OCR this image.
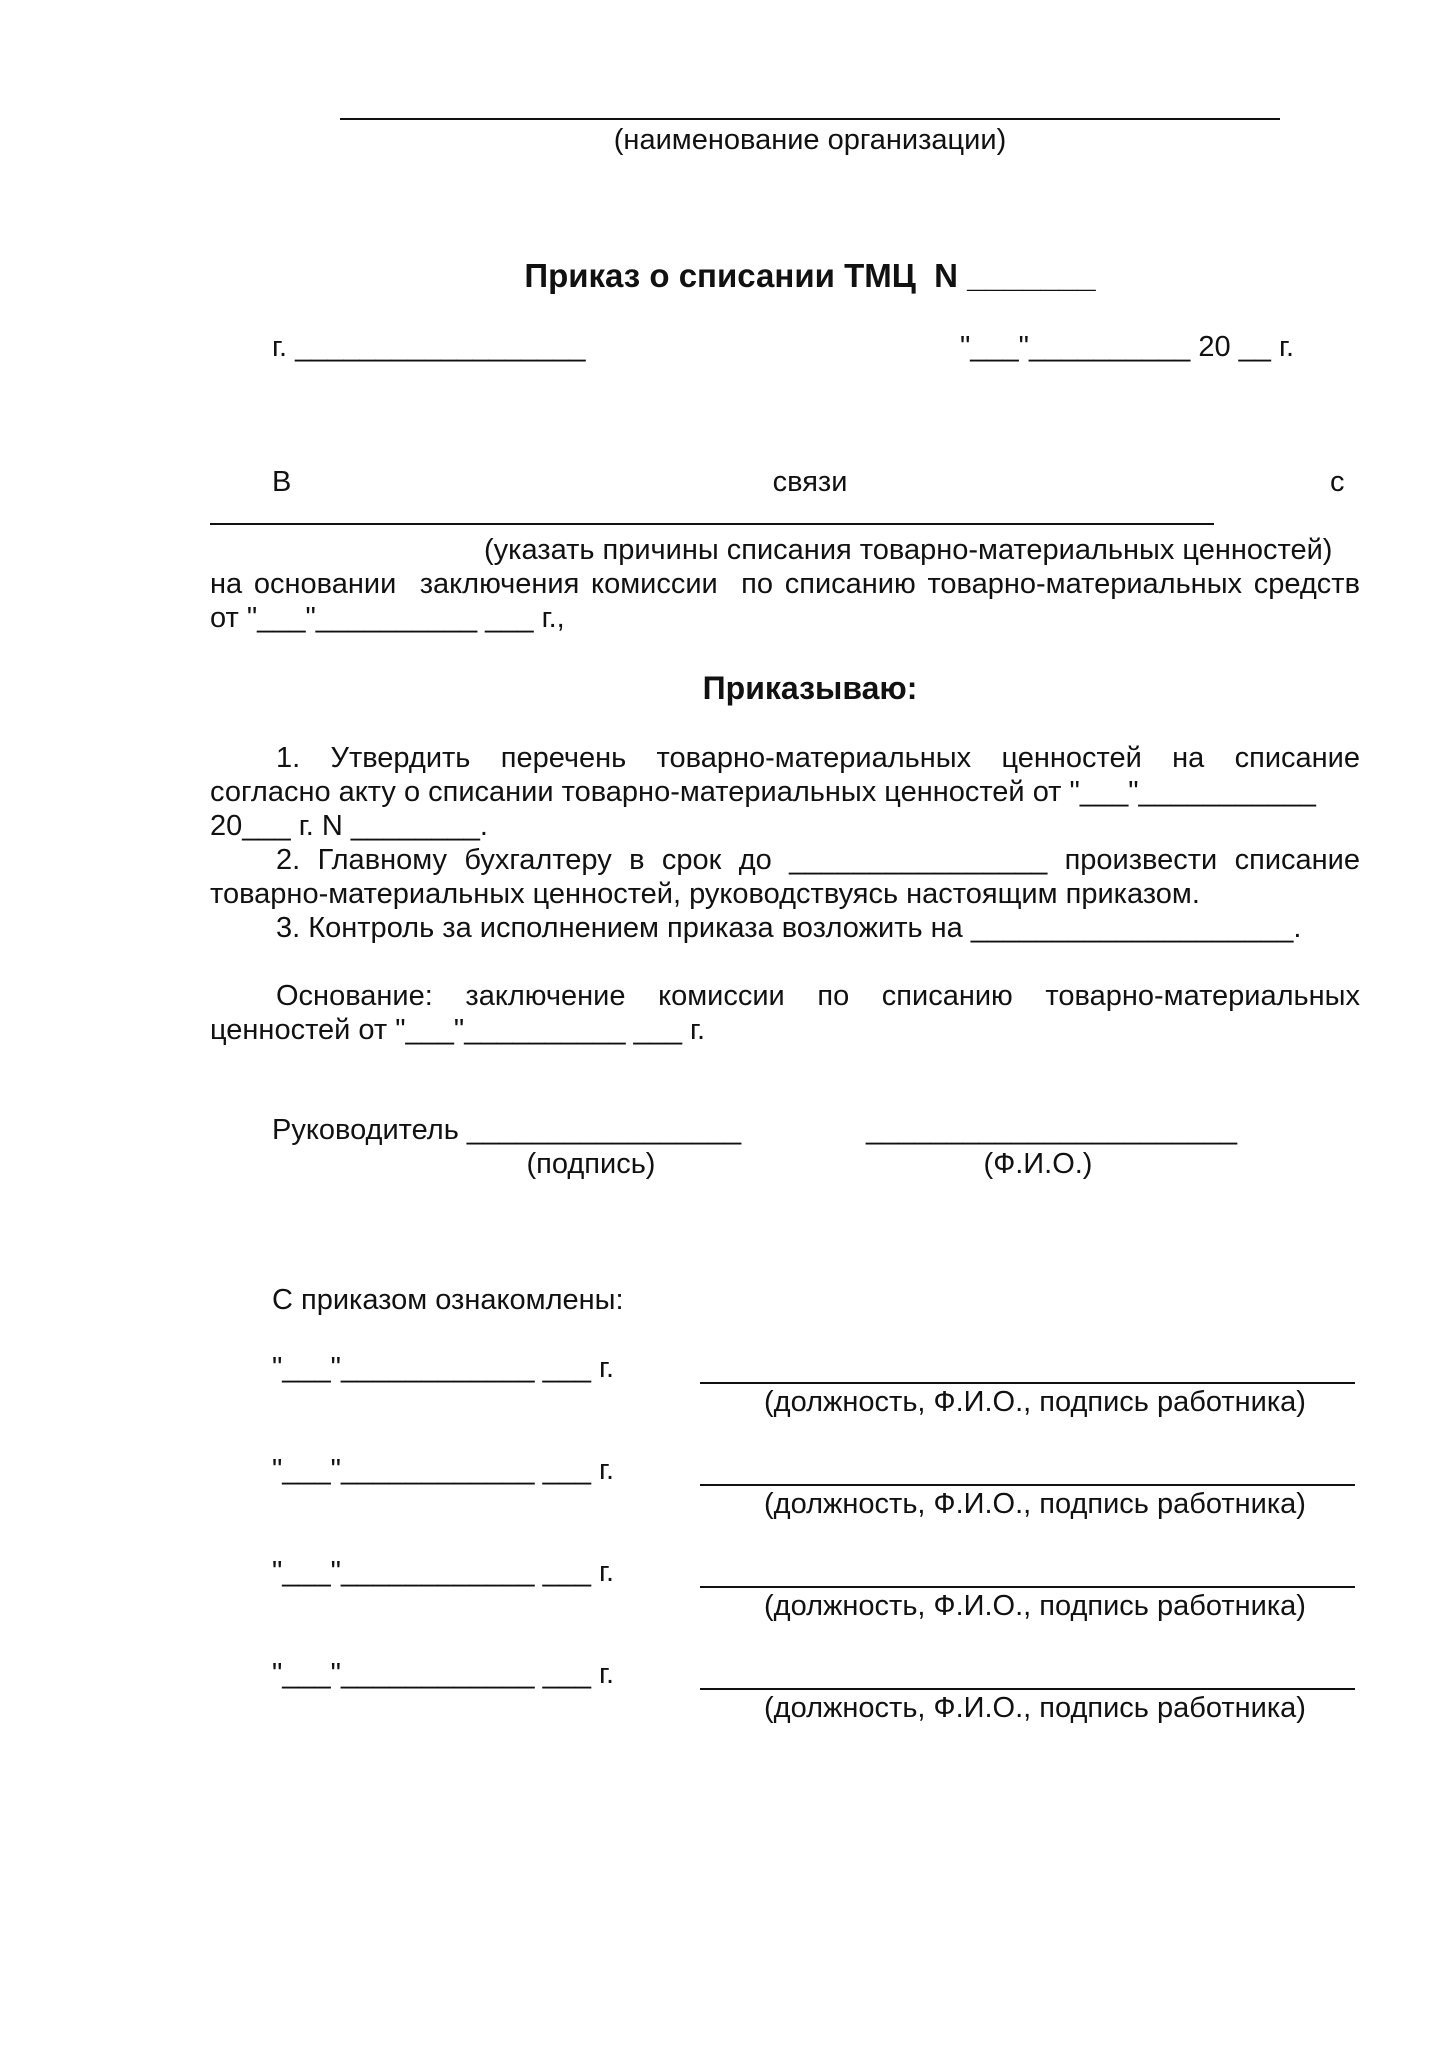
(наименование организации)
Приказ о списании ТМЦ  N _______
г. __________________	"___"__________ 20 __ г.
В	связи	с
(указать причины списания товарно-материальных ценностей)
на основании  заключения комиссии  по списанию товарно-материальных средств
от "___"__________ ___ г.,
Приказываю:
1. Утвердить перечень товарно-материальных ценностей на списание
согласно акту о списании товарно-материальных ценностей от "___"___________
20___ г. N ________.
2. Главному бухгалтеру в срок до ________________ произвести списание
товарно-материальных ценностей, руководствуясь настоящим приказом.
3. Контроль за исполнением приказа возложить на ____________________.
Основание: заключение комиссии по списанию товарно-материальных
ценностей от "___"__________ ___ г.
Руководитель _________________	_______________________
(подпись)	(Ф.И.О.)
С приказом ознакомлены:
"___"____________ ___ г.
(должность, Ф.И.О., подпись работника)
"___"____________ ___ г.
(должность, Ф.И.О., подпись работника)
"___"____________ ___ г.
(должность, Ф.И.О., подпись работника)
"___"____________ ___ г.
(должность, Ф.И.О., подпись работника)
